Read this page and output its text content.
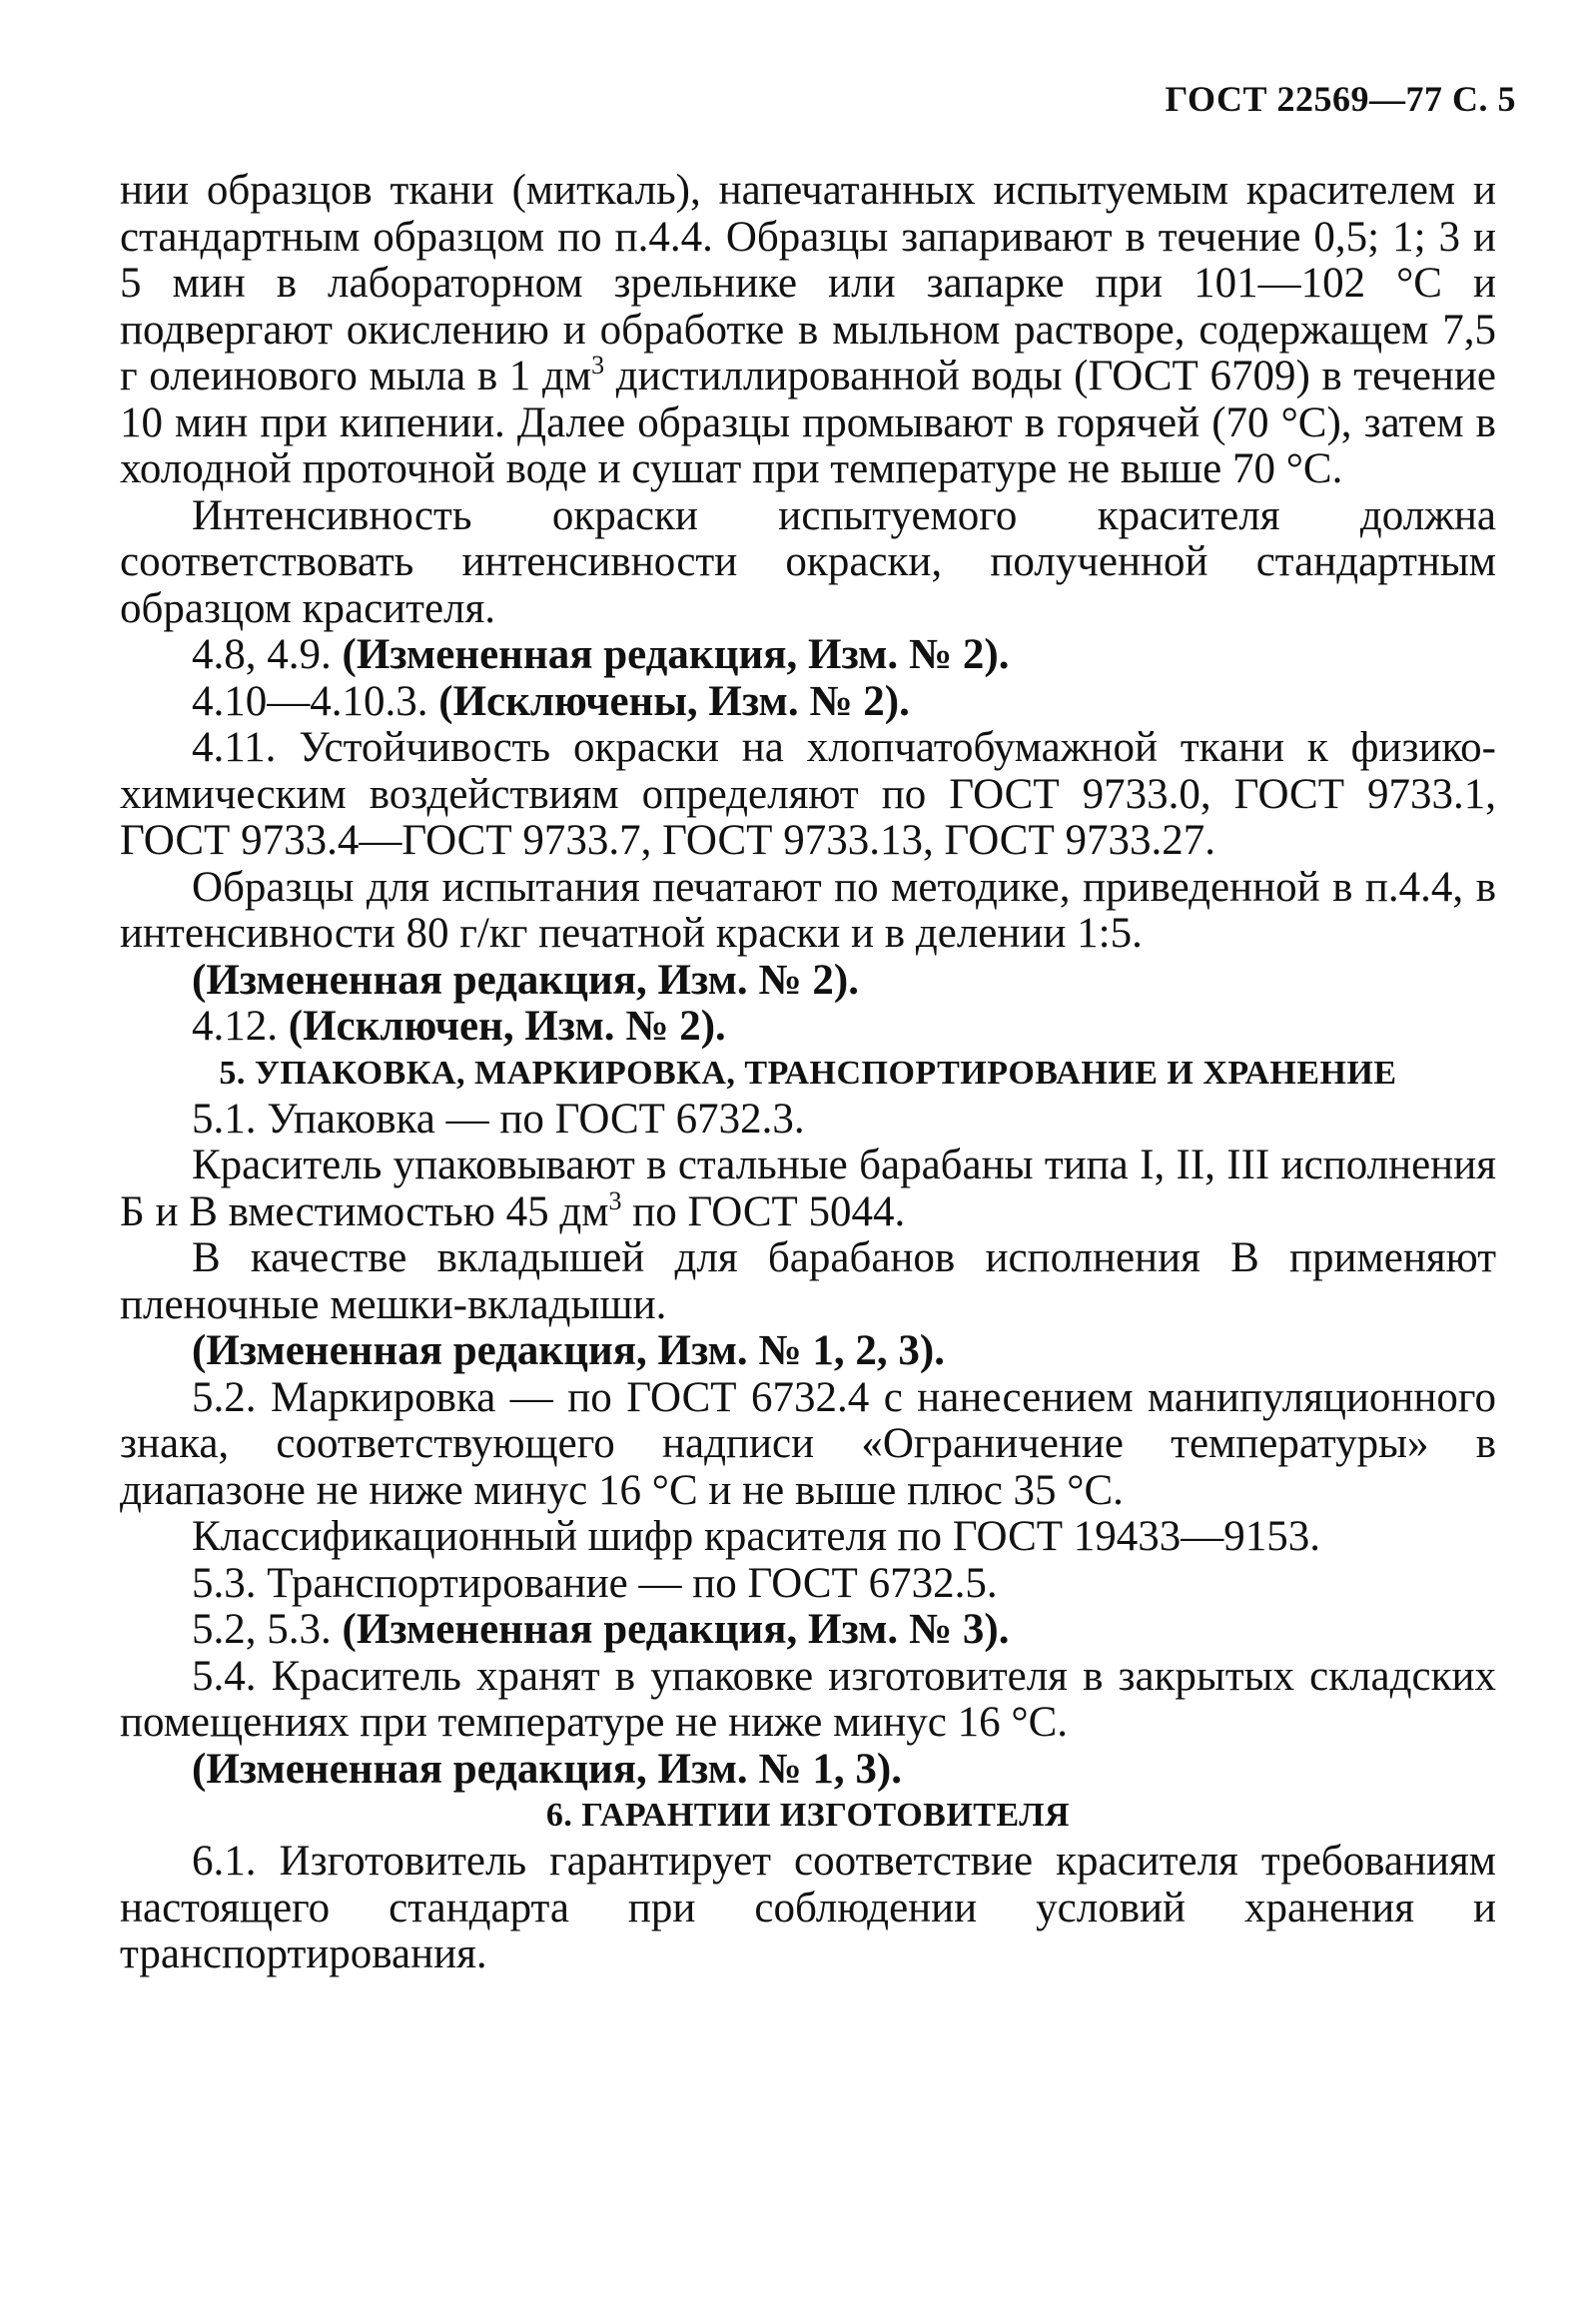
ГОСТ 22569—77 С. 5

нии образцов ткани (миткаль), напечатанных испытуемым красителем и стандартным образцом по п.4.4. Образцы запаривают в течение 0,5; 1; 3 и 5 мин в лабораторном зрельнике или запарке при 101—102 °С и подвергают окислению и обработке в мыльном растворе, содержащем 7,5 г олеинового мыла в 1 $дм^3$ дистиллированной воды (ГОСТ 6709) в течение 10 мин при кипении. Далее образцы промывают в горячей (70 °С), затем в холодной проточной воде и сушат при температуре не выше 70 °С.

Интенсивность окраски испытуемого красителя должна соответствовать интенсивности окраски, полученной стандартным образцом красителя.

4.8, 4.9. (Измененная редакция, Изм. № 2).

4.10—4.10.3. (Исключены, Изм. № 2).

4.11. Устойчивость окраски на хлопчатобумажной ткани к физико-химическим воздействиям определяют по ГОСТ 9733.0, ГОСТ 9733.1, ГОСТ 9733.4—ГОСТ 9733.7, ГОСТ 9733.13, ГОСТ 9733.27.

Образцы для испытания печатают по методике, приведенной в п.4.4, в интенсивности 80 г/кг печатной краски и в делении 1:5.

(Измененная редакция, Изм. № 2).

4.12. (Исключен, Изм. № 2).

5. УПАКОВКА, МАРКИРОВКА, ТРАНСПОРТИРОВАНИЕ И ХРАНЕНИЕ

5.1. Упаковка — по ГОСТ 6732.3.

Краситель упаковывают в стальные барабаны типа I, II, III исполнения Б и В вместимостью 45 $дм^3$ по ГОСТ 5044.

В качестве вкладышей для барабанов исполнения В применяют пленочные мешки-вкладыши.

(Измененная редакция, Изм. № 1, 2, 3).

5.2. Маркировка — по ГОСТ 6732.4 с нанесением манипуляционного знака, соответствующего надписи «Ограничение температуры» в диапазоне не ниже минус 16 °С и не выше плюс 35 °С.

Классификационный шифр красителя по ГОСТ 19433—9153.

5.3. Транспортирование — по ГОСТ 6732.5.

5.2, 5.3. (Измененная редакция, Изм. № 3).

5.4. Краситель хранят в упаковке изготовителя в закрытых складских помещениях при температуре не ниже минус 16 °С.

(Измененная редакция, Изм. № 1, 3).

6. ГАРАНТИИ ИЗГОТОВИТЕЛЯ

6.1. Изготовитель гарантирует соответствие красителя требованиям настоящего стандарта при соблюдении условий хранения и транспортирования.
